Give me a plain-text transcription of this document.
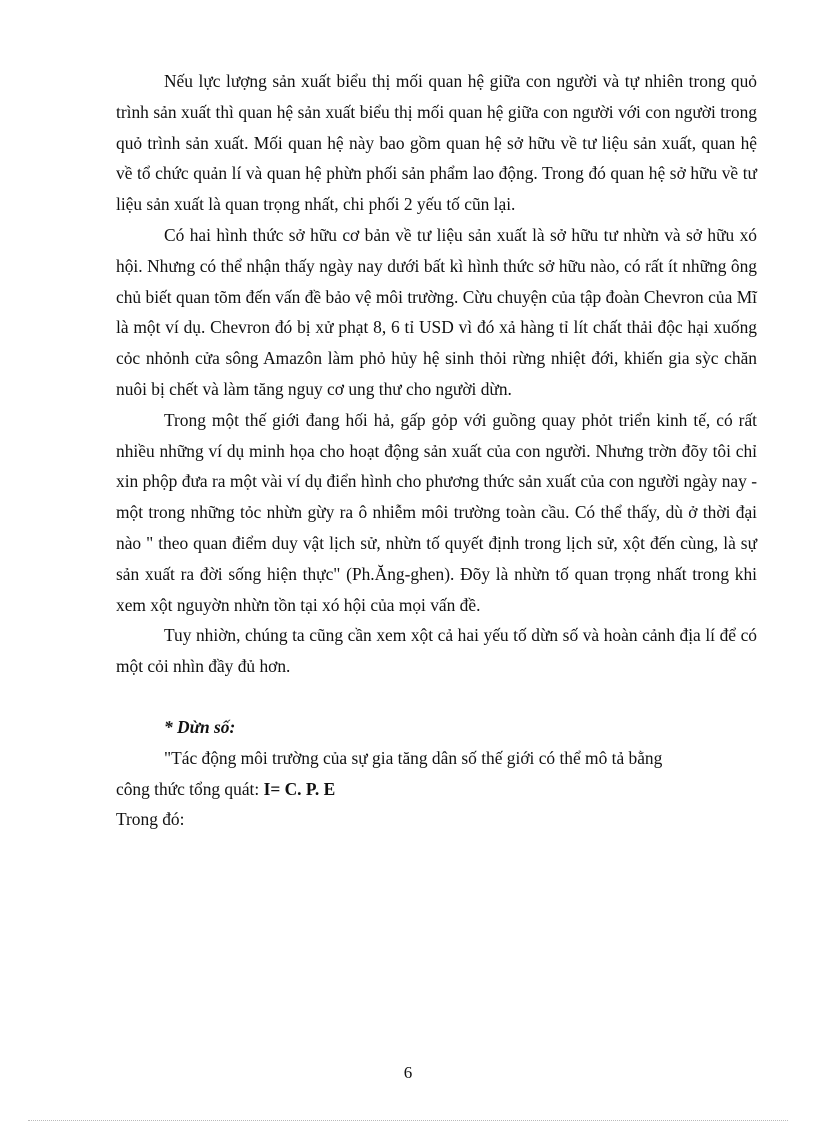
Nếu lực lượng sản xuất biểu thị mối quan hệ giữa con người và tự nhiên trong quỏ trình sản xuất thì quan hệ sản xuất biểu thị mối quan hệ giữa con người với con người trong quỏ trình sản xuất. Mối quan hệ này bao gồm quan hệ sở hữu về tư liệu sản xuất, quan hệ về tổ chức quản lí và quan hệ phừn phối sản phẩm lao động. Trong đó quan hệ sở hữu về tư liệu sản xuất là quan trọng nhất, chi phối 2 yếu tố cũn lại.

Có hai hình thức sở hữu cơ bản về tư liệu sản xuất là sở hữu tư nhừn và sở hữu xó hội. Nhưng có thể nhận thấy ngày nay dưới bất kì hình thức sở hữu nào, có rất ít những ông chủ biết quan tõm đến vấn đề bảo vệ môi trường. Cừu chuyện của tập đoàn Chevron của Mĩ là một ví dụ. Chevron đó bị xử phạt 8, 6 tỉ USD vì đó xả hàng tỉ lít chất thải độc hại xuống cỏc nhỏnh cửa sông Amazôn làm phỏ hủy hệ sinh thỏi rừng nhiệt đới, khiến gia sỳc chăn nuôi bị chết và làm tăng nguy cơ ung thư cho người dừn.

Trong một thế giới đang hối hả, gấp gỏp với guồng quay phỏt triển kinh tế, có rất nhiều những ví dụ minh họa cho hoạt động sản xuất của con người. Nhưng trờn đõy tôi chỉ xin phộp đưa ra một vài ví dụ điển hình cho phương thức sản xuất của con người ngày nay - một trong những tỏc nhừn gừy ra ô nhiễm môi trường toàn cầu. Có thể thấy, dù ở thời đại nào " theo quan điểm duy vật lịch sử, nhừn tố quyết định trong lịch sử, xột đến cùng, là sự sản xuất ra đời sống hiện thực" (Ph.Ăng-ghen). Đõy là nhừn tố quan trọng nhất trong khi xem xột nguyờn nhừn tồn tại xó hội của mọi vấn đề.

Tuy nhiờn, chúng ta cũng cần xem xột cả hai yếu tố dừn số và hoàn cảnh địa lí để có một cỏi nhìn đầy đủ hơn.

* Dừn số:

"Tác động môi trường của sự gia tăng dân số thế giới có thể mô tả bằng

công thức tổng quát: I= C. P. E

Trong đó:

6
